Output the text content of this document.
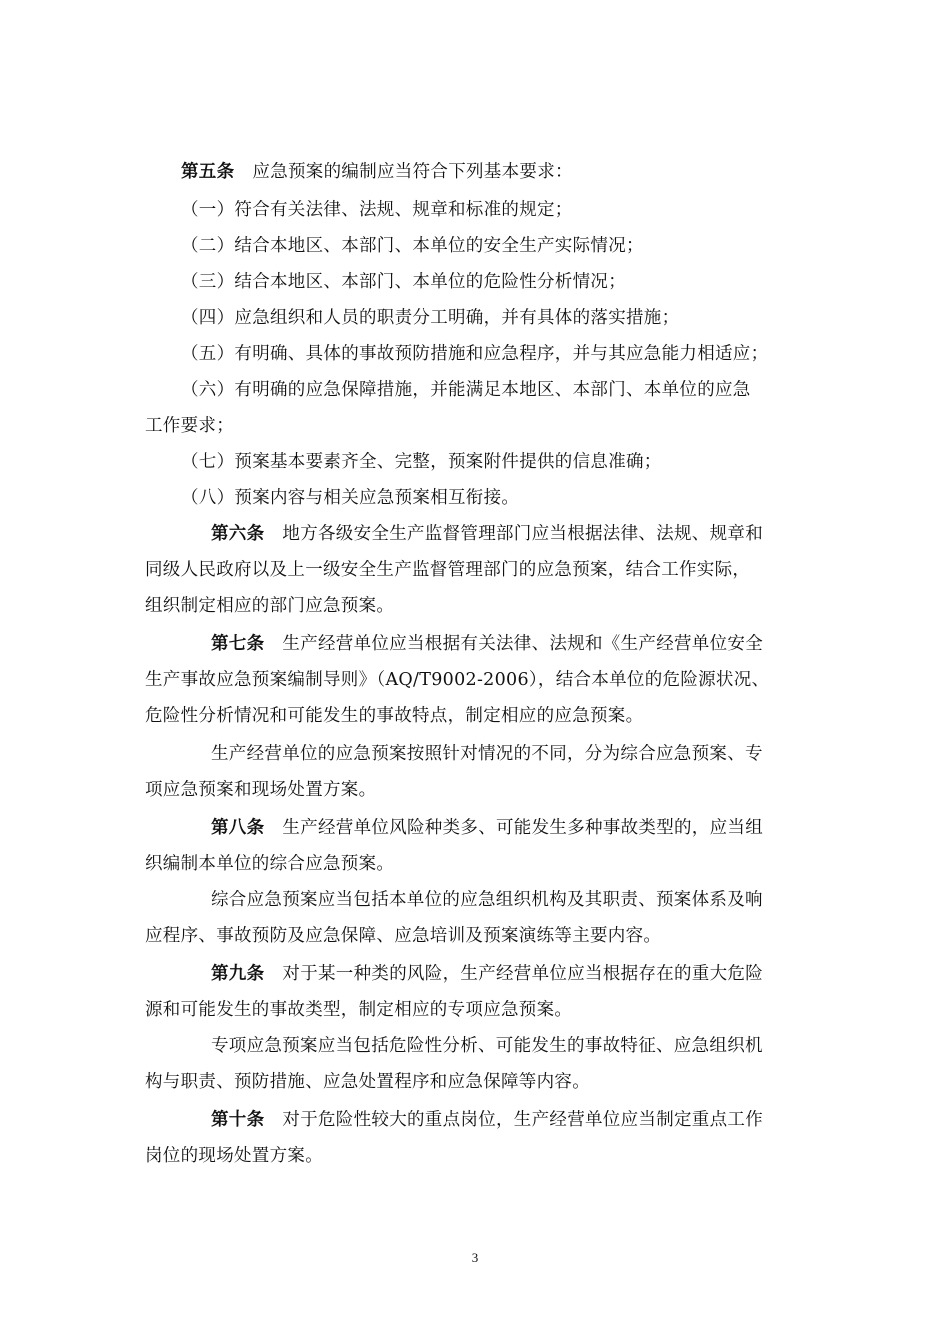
第五条 应急预案的编制应当符合下列基本要求：
（一）符合有关法律、法规、规章和标准的规定；
（二）结合本地区、本部门、本单位的安全生产实际情况；
（三）结合本地区、本部门、本单位的危险性分析情况；
（四）应急组织和人员的职责分工明确，并有具体的落实措施；
（五）有明确、具体的事故预防措施和应急程序，并与其应急能力相适应；
（六）有明确的应急保障措施，并能满足本地区、本部门、本单位的应急
工作要求；
（七）预案基本要素齐全、完整，预案附件提供的信息准确；
（八）预案内容与相关应急预案相互衔接。
第六条 地方各级安全生产监督管理部门应当根据法律、法规、规章和
同级人民政府以及上一级安全生产监督管理部门的应急预案，结合工作实际，
组织制定相应的部门应急预案。
第七条 生产经营单位应当根据有关法律、法规和《生产经营单位安全
生产事故应急预案编制导则》（AQ/T9002-2006），结合本单位的危险源状况、
危险性分析情况和可能发生的事故特点，制定相应的应急预案。
生产经营单位的应急预案按照针对情况的不同，分为综合应急预案、专
项应急预案和现场处置方案。
第八条 生产经营单位风险种类多、可能发生多种事故类型的，应当组
织编制本单位的综合应急预案。
综合应急预案应当包括本单位的应急组织机构及其职责、预案体系及响
应程序、事故预防及应急保障、应急培训及预案演练等主要内容。
第九条 对于某一种类的风险，生产经营单位应当根据存在的重大危险
源和可能发生的事故类型，制定相应的专项应急预案。
专项应急预案应当包括危险性分析、可能发生的事故特征、应急组织机
构与职责、预防措施、应急处置程序和应急保障等内容。
第十条 对于危险性较大的重点岗位，生产经营单位应当制定重点工作
岗位的现场处置方案。
3
